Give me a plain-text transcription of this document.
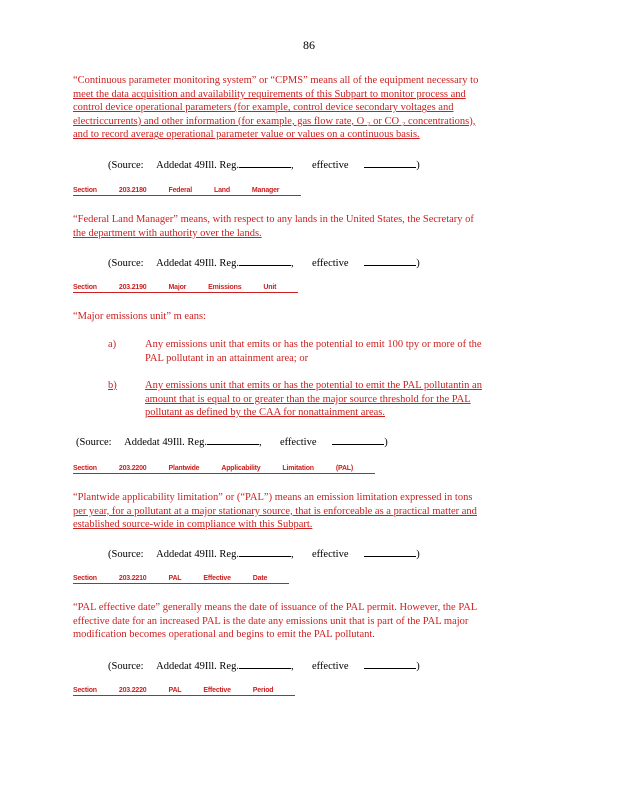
86
“Continuous parameter monitoring system” or “CPMS” means all of the equipment necessary to
meet the data acquisition and availability requirements of this Subpart to monitor process and
control device operational parameters (for example, control device secondary voltages and
electriccurrents) and other information (for example, gas flow rate, O ₂ or CO ₂ concentrations),
and to record average operational parameter value or values on a continuous basis.
(Source: Addedat 49Ill. Reg.	,       effective	)
Section	203.2180	Federal	Land	Manager
“Federal Land Manager” means, with respect to any lands in the United States, the Secretary of
the department with authority over the lands.
(Source: Addedat 49Ill. Reg.	,       effective	)
Section	203.2190	Major	Emissions	Unit
“Major emissions unit” m eans:
a)	Any emissions unit that emits or has the potential to emit 100 tpy or more of the
PAL pollutant in an attainment area; or
b)	Any emissions unit that emits or has the potential to emit the PAL pollutantin an
amount that is equal to or greater than the major source threshold for the PAL
pollutant as defined by the CAA for nonattainment areas.
(Source: Addedat 49Ill. Reg.	,       effective	)
Section	203.2200	Plantwide	Applicability	Limitation	(PAL)
“Plantwide applicability limitation” or (“PAL”) means an emission limitation expressed in tons
per year, for a pollutant at a major stationary source, that is enforceable as a practical matter and
established source-wide in compliance with this Subpart.
(Source: Addedat 49Ill. Reg.	,       effective	)
Section	203.2210	PAL	Effective	Date
“PAL effective date” generally means the date of issuance of the PAL permit. However, the PAL
effective date for an increased PAL is the date any emissions unit that is part of the PAL major
modification becomes operational and begins to emit the PAL pollutant.
(Source: Addedat 49Ill. Reg.	,       effective	)
Section	203.2220	PAL	Effective	Period
